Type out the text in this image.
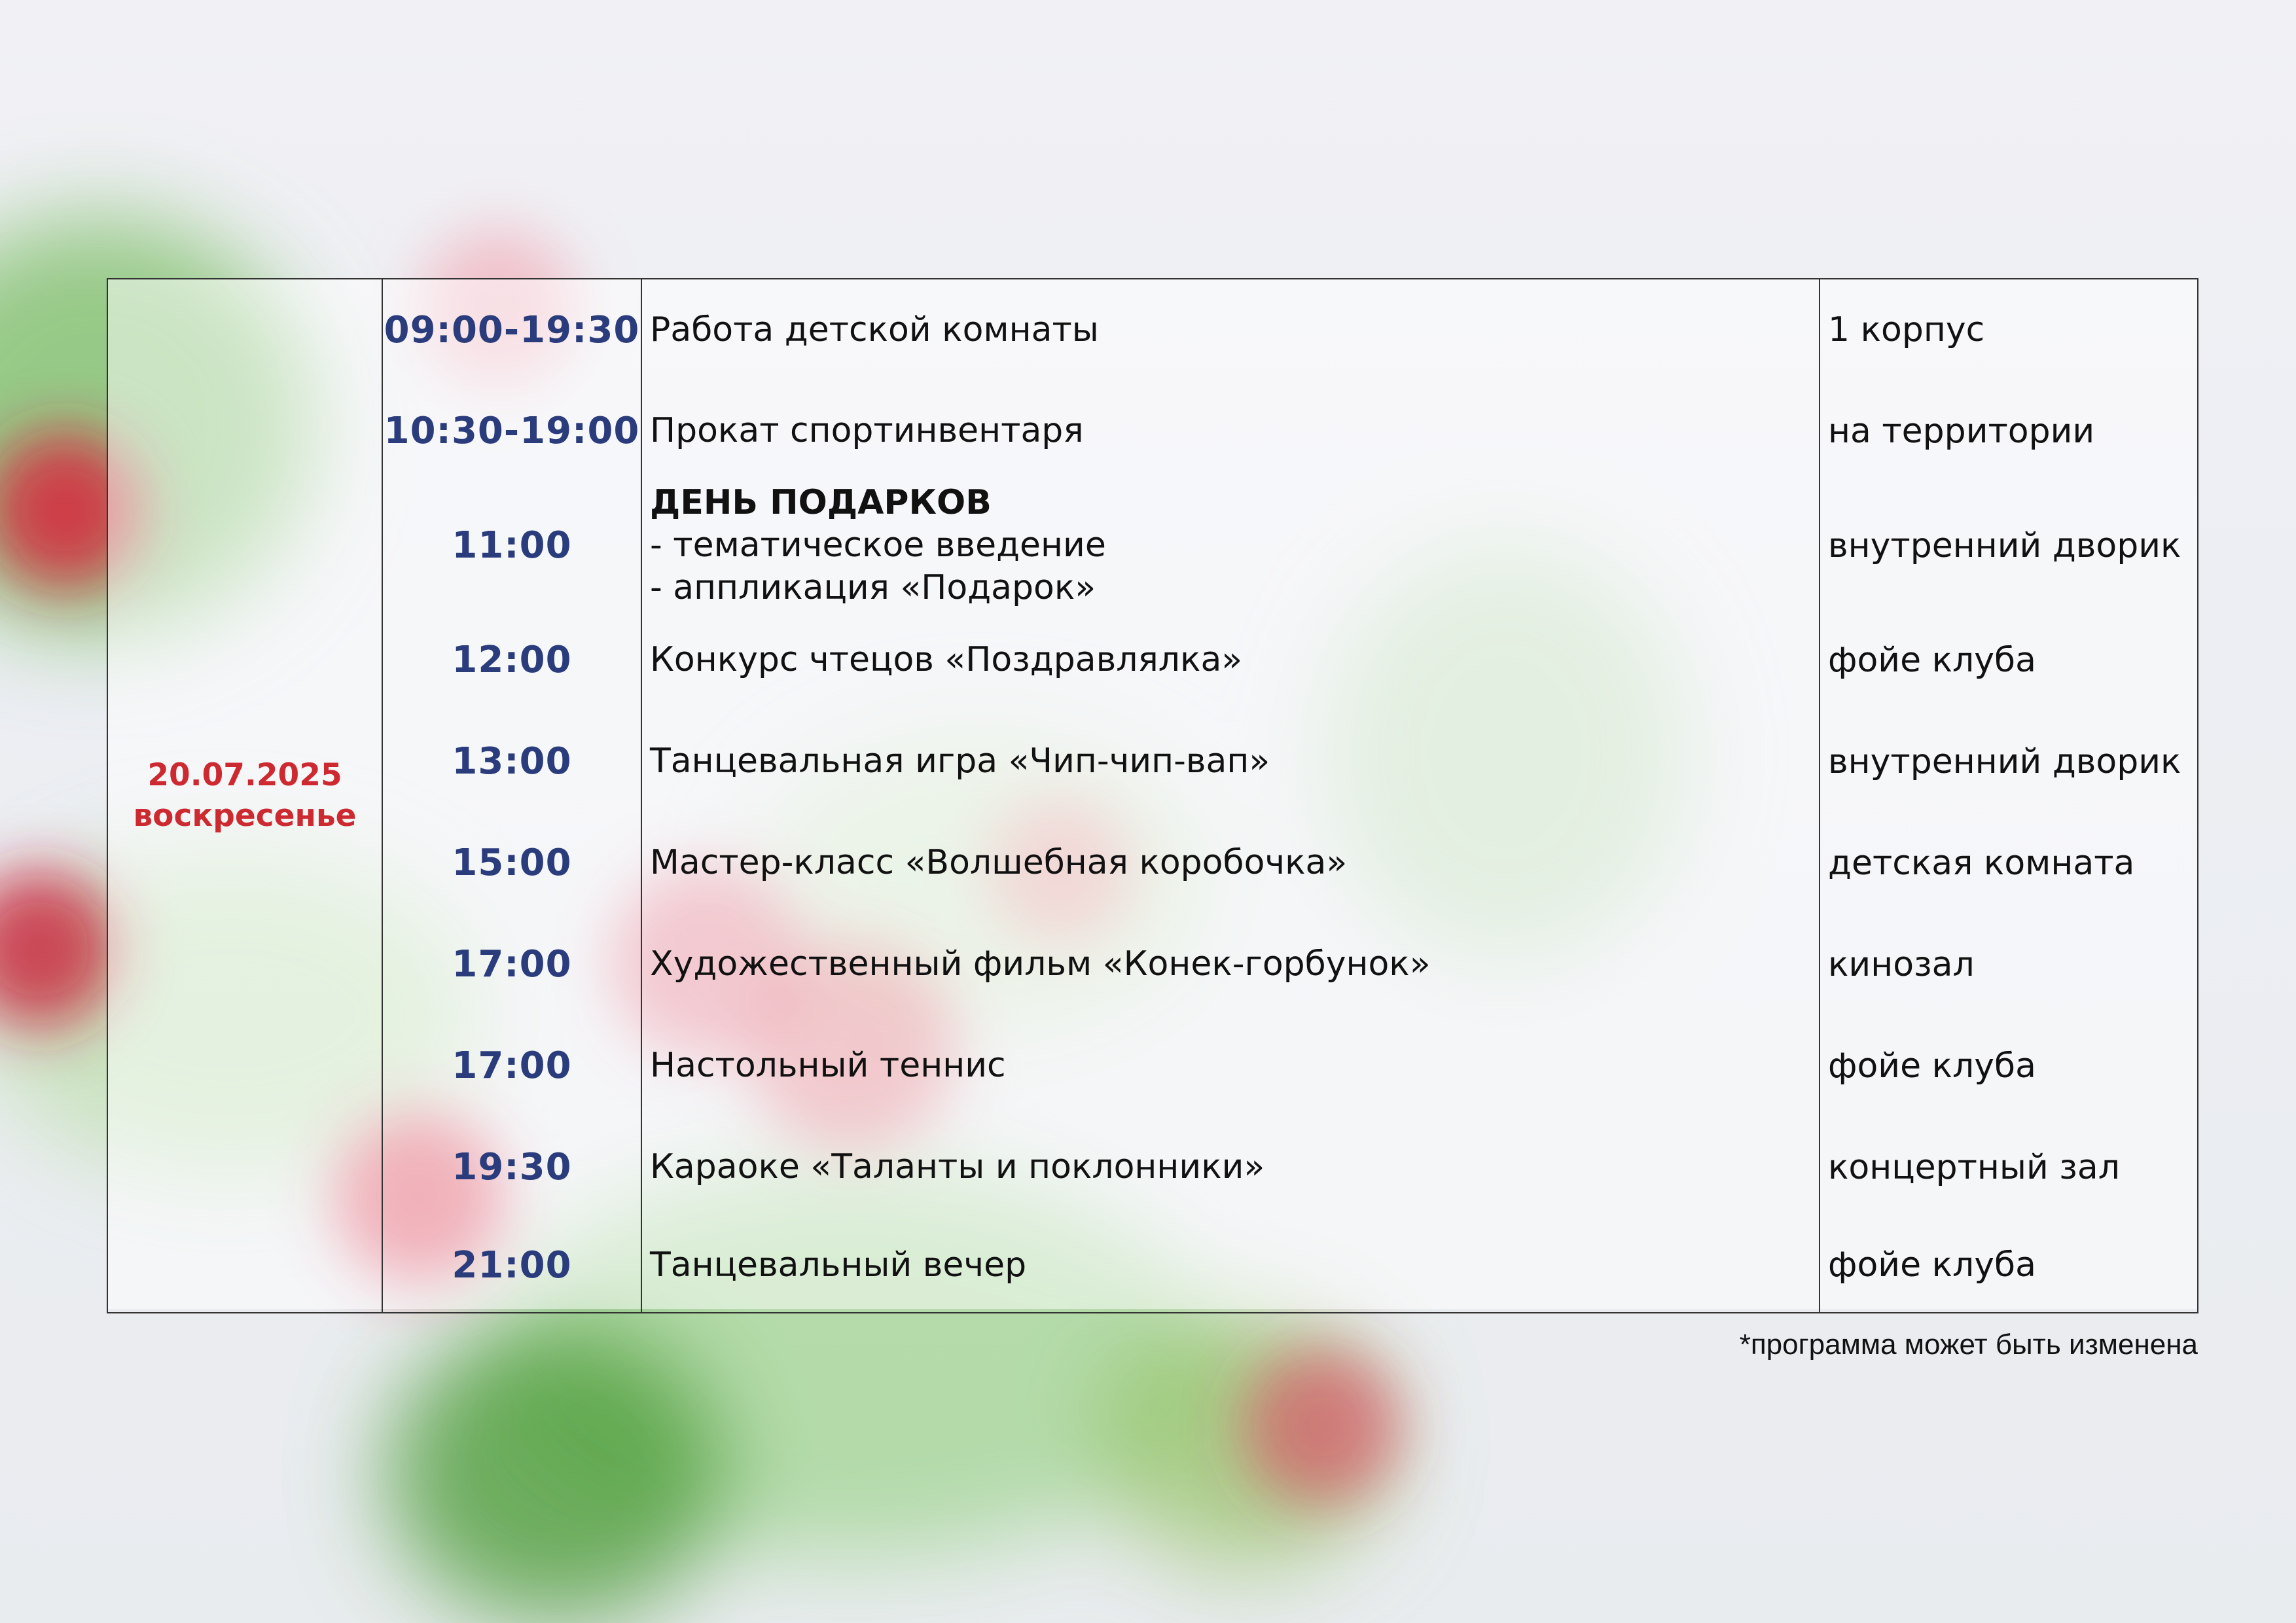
20.07.2025
воскресенье	09:00-19:30	Работа детской комнаты	1 корпус
	10:30-19:00	Прокат спортинвентаря	на территории
	11:00	ДЕНЬ ПОДАРКОВ
- тематическое введение
- аппликация «Подарок»	внутренний дворик
	12:00	Конкурс чтецов «Поздравлялка»	фойе клуба
	13:00	Танцевальная игра «Чип-чип-вап»	внутренний дворик
	15:00	Мастер-класс «Волшебная коробочка»	детская комната
	17:00	Художественный фильм «Конек-горбунок»	кинозал
	17:00	Настольный теннис	фойе клуба
	19:30	Караоке «Таланты и поклонники»	концертный зал
	21:00	Танцевальный вечер	фойе клуба
*программа может быть изменена
